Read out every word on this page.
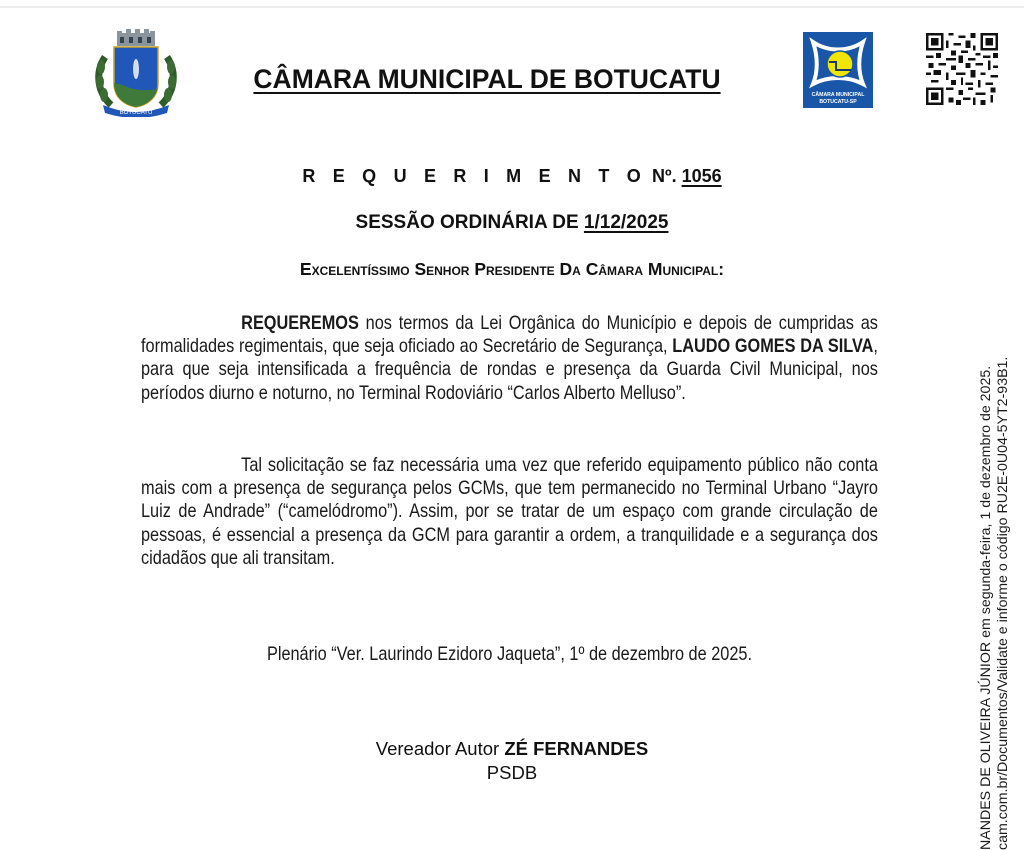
BOTUCATU
CÂMARA MUNICIPAL DE BOTUCATU
CÂMARA MUNICIPAL
BOTUCATU-SP
R E Q U E R I M E N T O Nº. 1056
SESSÃO ORDINÁRIA DE 1/12/2025
Excelentíssimo Senhor Presidente Da Câmara Municipal:
REQUEREMOS nos termos da Lei Orgânica do Município e depois de cumpridas as formalidades regimentais, que seja oficiado ao Secretário de Segurança, LAUDO GOMES DA SILVA, para que seja intensificada a frequência de rondas e presença da Guarda Civil Municipal, nos períodos diurno e noturno, no Terminal Rodoviário “Carlos Alberto Melluso”.
Tal solicitação se faz necessária uma vez que referido equipamento público não conta mais com a presença de segurança pelos GCMs, que tem permanecido no Terminal Urbano “Jayro Luiz de Andrade” (“camelódromo”). Assim, por se tratar de um espaço com grande circulação de pessoas, é essencial a presença da GCM para garantir a ordem, a tranquilidade e a segurança dos cidadãos que ali transitam.
Plenário “Ver. Laurindo Ezidoro Jaqueta”, 1º de dezembro de 2025.
Vereador Autor ZÉ FERNANDES
PSDB	NANDES DE OLIVEIRA JÚNIOR em segunda-feira, 1 de dezembro de 2025. cam.com.br/Documentos/Validate e informe o código RU2E-0U04-5YT2-93B1.
